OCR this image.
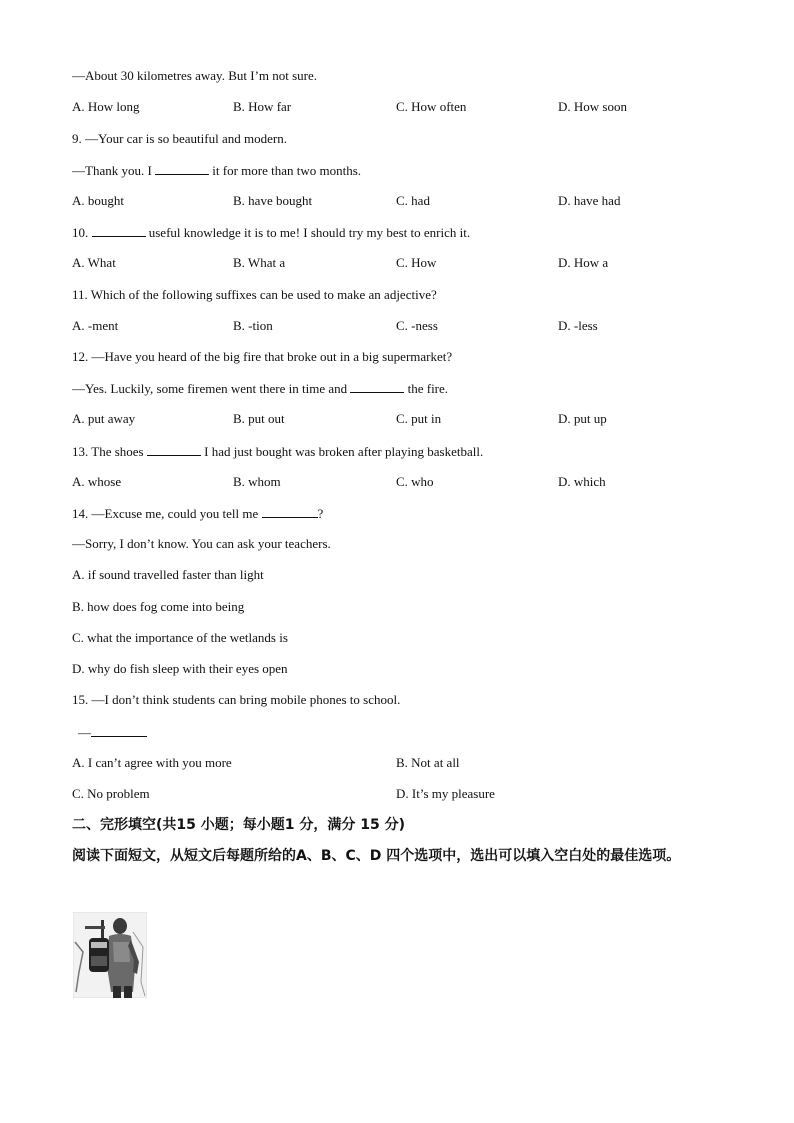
—About 30 kilometres away. But I’m not sure.
A. How long	B. How far	C. How often	D. How soon
9. —Your car is so beautiful and modern.
—Thank you. I	it for more than two months.
A. bought	B. have bought	C. had	D. have had
10.	useful knowledge it is to me! I should try my best to enrich it.
A. What	B. What a	C. How	D. How a
11. Which of the following suffixes can be used to make an adjective?
A. -ment	B. -tion	C. -ness	D. -less
12. —Have you heard of the big fire that broke out in a big supermarket?
—Yes. Luckily, some firemen went there in time and	the fire.
A. put away	B. put out	C. put in	D. put up
13. The shoes	I had just bought was broken after playing basketball.
A. whose	B. whom	C. who	D. which
14. —Excuse me, could you tell me	?
—Sorry, I don’t know. You can ask your teachers.
A. if sound travelled faster than light
B. how does fog come into being
C. what the importance of the wetlands is
D. why do fish sleep with their eyes open
15. —I don’t think students can bring mobile phones to school.
—
A. I can’t agree with you more	B. Not at all
C. No problem	D. It’s my pleasure
二、完形填空(共15 小题；每小题1 分，满分 15 分)
阅读下面短文，从短文后每题所给的A、B、C、D 四个选项中，选出可以填入空白处的最佳选项。
